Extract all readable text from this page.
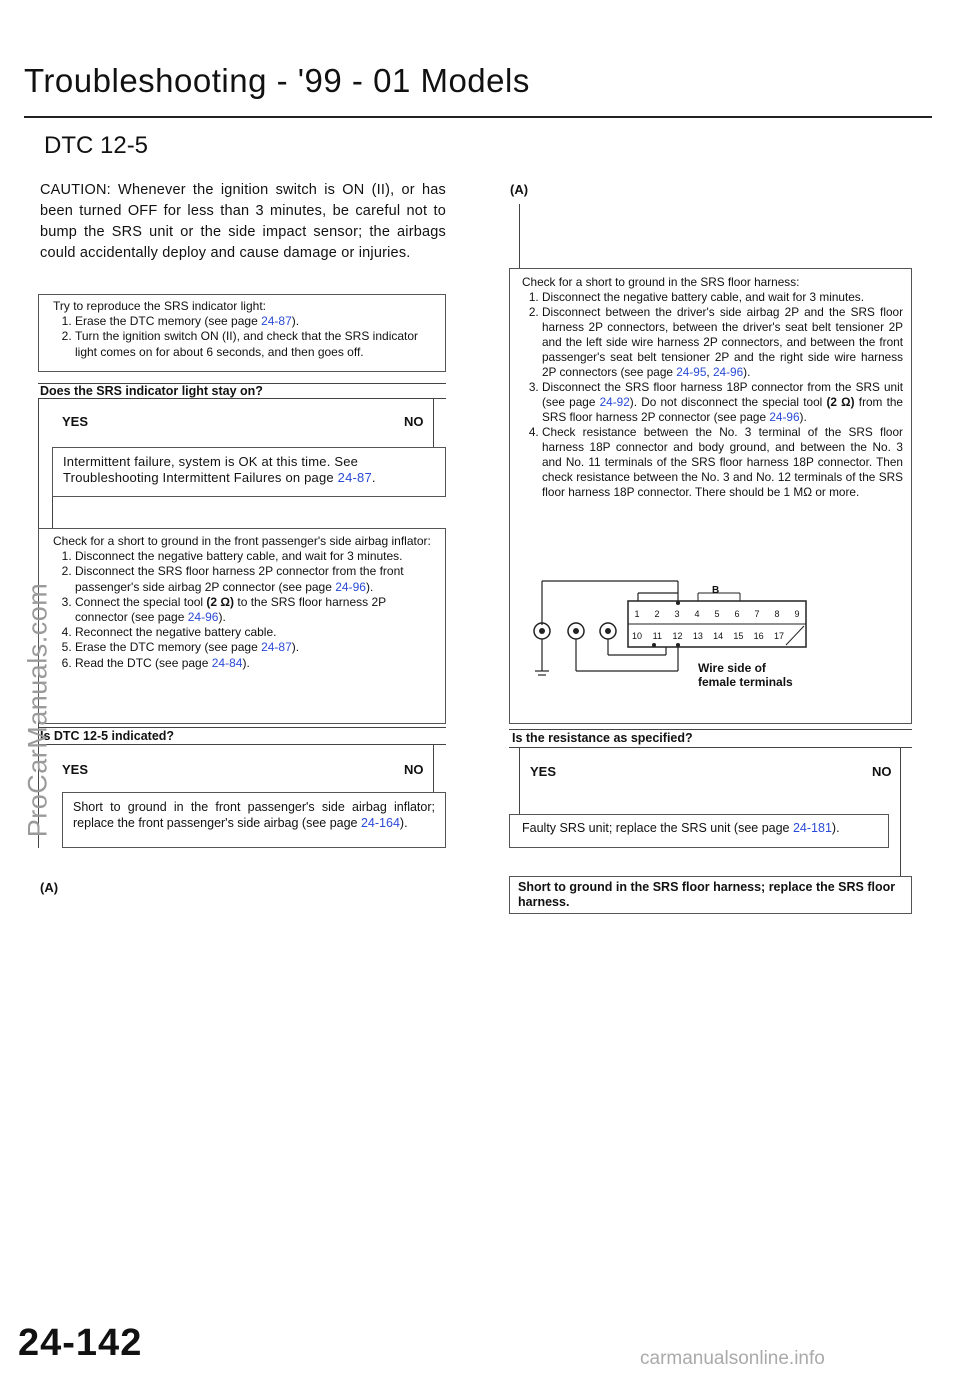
Troubleshooting - '99 - 01 Models
DTC 12-5
CAUTION: Whenever the ignition switch is ON (II), or has been turned OFF for less than 3 minutes, be careful not to bump the SRS unit or the side impact sensor; the airbags could accidentally deploy and cause damage or injuries.

Try to reproduce the SRS indicator light:

1. Erase the DTC memory (see page 24-87).
2. Turn the ignition switch ON (II), and check that the SRS indicator light comes on for about 6 seconds, and then goes off.
Does the SRS indicator light stay on?
YES	NO
Intermittent failure, system is OK at this time. See Troubleshooting Intermittent Failures on page 24-87.

Check for a short to ground in the front passenger's side airbag inflator:

1. Disconnect the negative battery cable, and wait for 3 minutes.
2. Disconnect the SRS floor harness 2P connector from the front passenger's side airbag 2P connector (see page 24-96).
3. Connect the special tool (2 Ω) to the SRS floor harness 2P connector (see page 24-96).
4. Reconnect the negative battery cable.
5. Erase the DTC memory (see page 24-87).
6. Read the DTC (see page 24-84).
Is DTC 12-5 indicated?
YES	NO
Short to ground in the front passenger's side airbag inflator; replace the front passenger's side airbag (see page 24-164).
(A)
(A)

Check for a short to ground in the SRS floor harness:

1. Disconnect the negative battery cable, and wait for 3 minutes.
2. Disconnect between the driver's side airbag 2P and the SRS floor harness 2P connectors, between the driver's seat belt tensioner 2P and the left side wire harness 2P connectors, and between the front passenger's seat belt tensioner 2P and the right side wire harness 2P connectors (see page 24-95, 24-96).
3. Disconnect the SRS floor harness 18P connector from the SRS unit (see page 24-92). Do not disconnect the special tool (2 Ω) from the SRS floor harness 2P connector (see page 24-96).
4. Check resistance between the No. 3 terminal of the SRS floor harness 18P connector and body ground, and between the No. 3 and No. 11 terminals of the SRS floor harness 18P connector. Then check resistance between the No. 3 and No. 12 terminals of the SRS floor harness 18P connector. There should be 1 MΩ or more.
B
1	2	3	4	5	6	7	8	9
10	11	12	13	14	15	16	17
Wire side of
female terminals
Is the resistance as specified?
YES	NO
Faulty SRS unit; replace the SRS unit (see page 24-181).
Short to ground in the SRS floor harness; replace the SRS floor harness.
ProCarManuals.com
24-142	carmanualsonline.info
